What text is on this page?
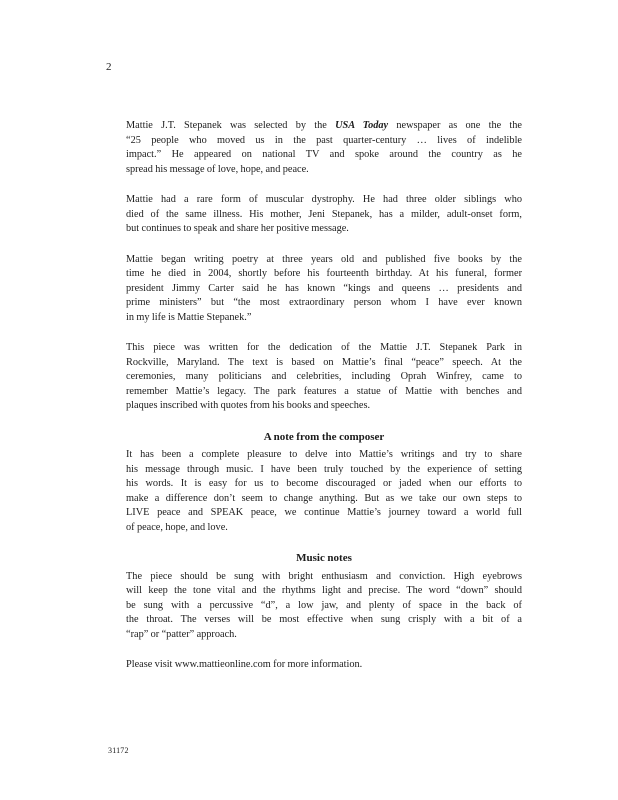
2
Mattie J.T. Stepanek was selected by the USA Today newspaper as one the the
“25 people who moved us in the past quarter-century … lives of indelible
impact.” He appeared on national TV and spoke around the country as he
spread his message of love, hope, and peace.
Mattie had a rare form of muscular dystrophy. He had three older siblings who
died of the same illness. His mother, Jeni Stepanek, has a milder, adult-onset form,
but continues to speak and share her positive message.
Mattie began writing poetry at three years old and published five books by the
time he died in 2004, shortly before his fourteenth birthday. At his funeral, former
president Jimmy Carter said he has known “kings and queens … presidents and
prime ministers” but “the most extraordinary person whom I have ever known
in my life is Mattie Stepanek.”
This piece was written for the dedication of the Mattie J.T. Stepanek Park in
Rockville, Maryland. The text is based on Mattie’s final “peace” speech. At the
ceremonies, many politicians and celebrities, including Oprah Winfrey, came to
remember Mattie’s legacy. The park features a statue of Mattie with benches and
plaques inscribed with quotes from his books and speeches.
A note from the composer
It has been a complete pleasure to delve into Mattie’s writings and try to share
his message through music. I have been truly touched by the experience of setting
his words. It is easy for us to become discouraged or jaded when our efforts to
make a difference don’t seem to change anything. But as we take our own steps to
LIVE peace and SPEAK peace, we continue Mattie’s journey toward a world full
of peace, hope, and love.
Music notes
The piece should be sung with bright enthusiasm and conviction. High eyebrows
will keep the tone vital and the rhythms light and precise. The word “down” should
be sung with a percussive “d”, a low jaw, and plenty of space in the back of
the throat. The verses will be most effective when sung crisply with a bit of a
“rap” or “patter” approach.
Please visit www.mattieonline.com for more information.
31172
